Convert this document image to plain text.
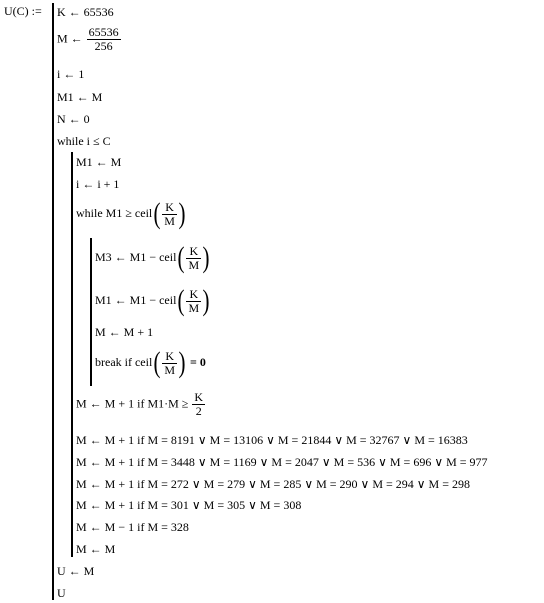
U(C) := K ← 65536
M ← $\frac{65536}{256}$
i ← 1
M1 ← M
N ← 0
while i ≤ C
M1 ← M
i ← i + 1
while M1 ≥ ceil( $\frac{K}{M}$ )
M3 ← M1 − ceil( $\frac{K}{M}$ )
M1 ← M1 − ceil( $\frac{K}{M}$ )
M ← M + 1
break if ceil( $\frac{K}{M}$ ) = 0
M ← M + 1 if $M1\cdot M \ge \frac{K}{2}$
M ← M + 1 if M = 8191 ∨ M = 13106 ∨ M = 21844 ∨ M = 32767 ∨ M = 16383
M ← M + 1 if M = 3448 ∨ M = 1169 ∨ M = 2047 ∨ M = 536 ∨ M = 696 ∨ M = 977
M ← M + 1 if M = 272 ∨ M = 279 ∨ M = 285 ∨ M = 290 ∨ M = 294 ∨ M = 298
M ← M + 1 if M = 301 ∨ M = 305 ∨ M = 308
M ← M − 1 if M = 328
M ← M
U ← M
U
